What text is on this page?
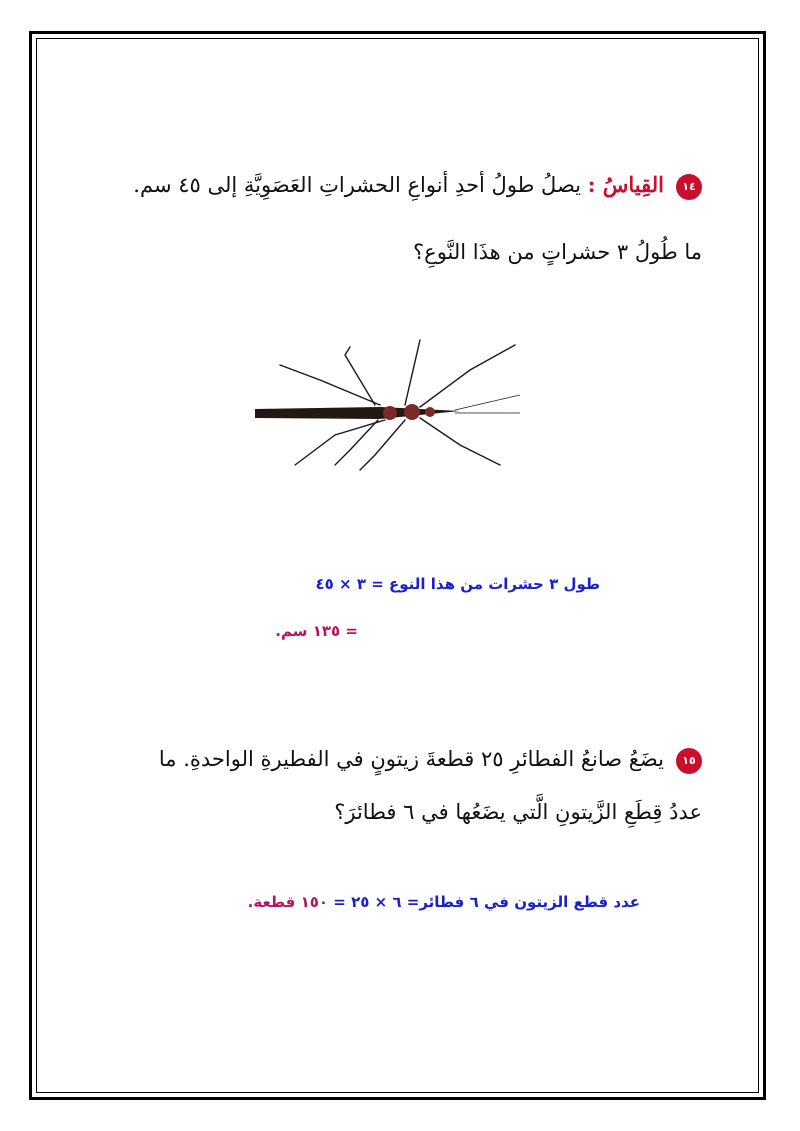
١٤القِياسُ : يصلُ طولُ أحدِ أنواعِ الحشراتِ العَصَوِيَّةِ إلى ٤٥ سم.
ما طُولُ ٣ حشراتٍ من هذَا النَّوعِ؟
طول ٣ حشرات من هذا النوع = ٣ × ٤٥
= ١٣٥ سم.
١٥يضَعُ صانعُ الفطائرِ ٢٥ قطعةَ زيتونٍ في الفطيرةِ الواحدةِ. ما
عددُ قِطَعِ الزَّيتونِ الَّتي يضَعُها في ٦ فطائرَ؟
عدد قطع الزيتون في ٦ فطائر= ٦ × ٢٥ = ١٥٠ قطعة.
